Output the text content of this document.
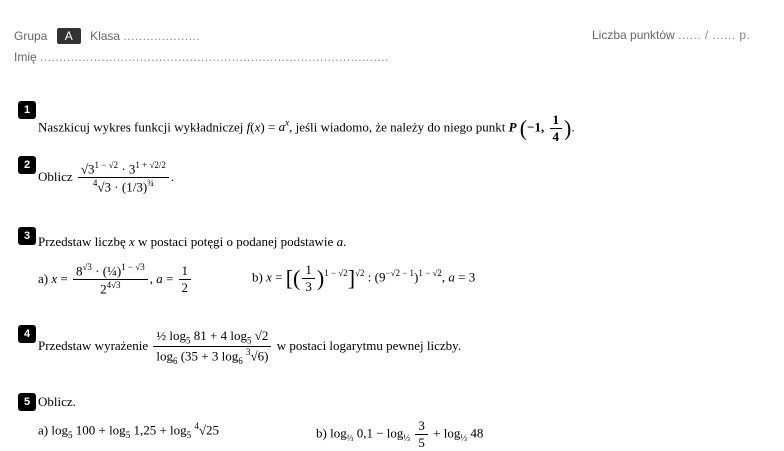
Grupa A Klasa ....................	Liczba punktów ...... / ...... p.
Imię ...........................................................................................
1
Naszkicuj wykres funkcji wykładniczej $f(x) = a^x$, jeśli wiadomo, że należy do niego punkt P (−1, $\frac{1}{4}$ ).
2
Oblicz $\frac{√3^{1 - √2} \cdot 3^{1 + √2/2}}{^4√3 \cdot (1/3)^{\frac{3}{4}}}$ .
3 Przedstaw liczbę x w postaci potęgi o podanej podstawie a.
a) $x = \frac{8^{√3} \cdot (\frac{1}{4})^{1 - √3}}{2^{4√3}}$ , $a = \frac{1}{2}$	b) x = [( $\frac{1}{3} )^{1 - √2}]^{√2}$ : $(9^{-√2 - 1})^{1 - √2}$, a = 3
4
Przedstaw wyrażenie $\frac{\frac{1}{2} \log_5 81 + 4 \log_5 √2}{\log_6 (35 + 3 \log_6 ^3√6)}$ w postaci logarytmu pewnej liczby.
5 Oblicz.
a) $\log_5 100 + \log_5 1,25 + \log_5 ^4√25$	b) $\log_{\frac{1}{3}} 0,1 - \log_{\frac{1}{3}} \frac{3}{5} + \log_{\frac{1}{3}} 48$
